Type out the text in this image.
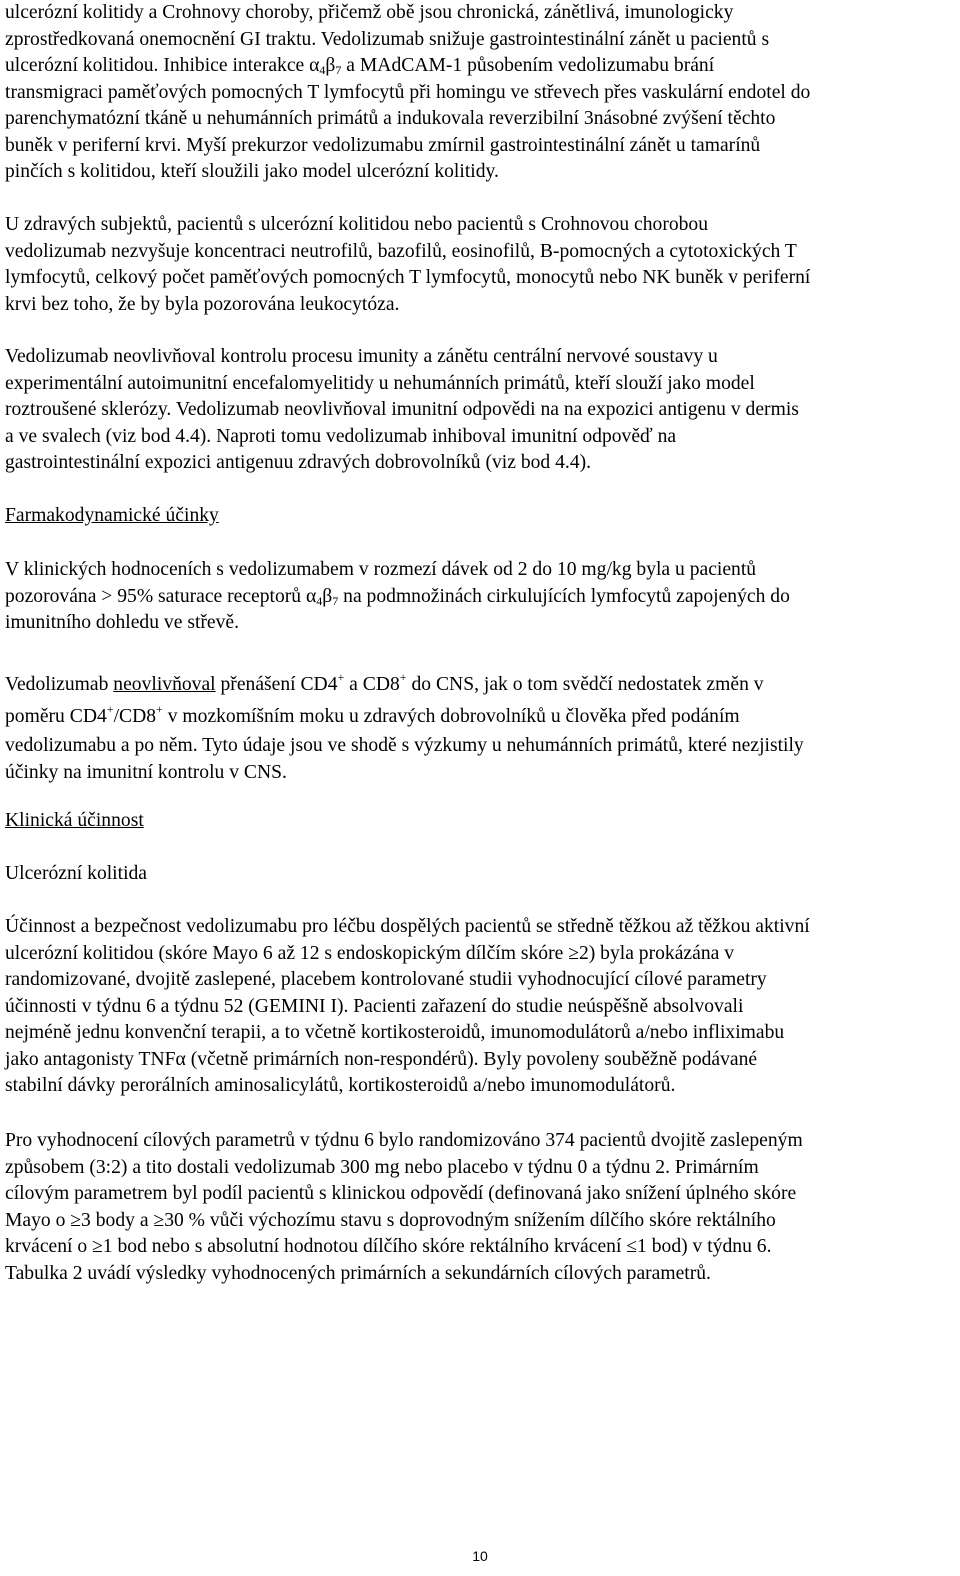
ulcerózní kolitidy a Crohnovy choroby, přičemž obě jsou chronická, zánětlivá, imunologicky
zprostředkovaná onemocnění GI traktu. Vedolizumab snižuje gastrointestinální zánět u pacientů s
ulcerózní kolitidou. Inhibice interakce $\alpha_4\beta_7$ a MAdCAM-1 působením vedolizumabu brání
transmigraci paměťových pomocných T lymfocytů při homingu ve střevech přes vaskulární endotel do
parenchymatózní tkáně u nehumánních primátů a indukovala reverzibilní 3násobné zvýšení těchto
buněk v periferní krvi. Myší prekurzor vedolizumabu zmírnil gastrointestinální zánět u tamarínů
pinčích s kolitidou, kteří sloužili jako model ulcerózní kolitidy.

U zdravých subjektů, pacientů s ulcerózní kolitidou nebo pacientů s Crohnovou chorobou
vedolizumab nezvyšuje koncentraci neutrofilů, bazofilů, eosinofilů, B-pomocných a cytotoxických T
lymfocytů, celkový počet paměťových pomocných T lymfocytů, monocytů nebo NK buněk v periferní
krvi bez toho, že by byla pozorována leukocytóza.

Vedolizumab neovlivňoval kontrolu procesu imunity a zánětu centrální nervové soustavy u
experimentální autoimunitní encefalomyelitidy u nehumánních primátů, kteří slouží jako model
roztroušené sklerózy. Vedolizumab neovlivňoval imunitní odpovědi na na expozici antigenu v dermis
a ve svalech (viz bod 4.4). Naproti tomu vedolizumab inhiboval imunitní odpověď na
gastrointestinální expozici antigenuu zdravých dobrovolníků (viz bod 4.4).

Farmakodynamické účinky

V klinických hodnoceních s vedolizumabem v rozmezí dávek od 2 do 10 mg/kg byla u pacientů
pozorována > 95% saturace receptorů $\alpha_4\beta_7$ na podmnožinách cirkulujících lymfocytů zapojených do
imunitního dohledu ve střevě.

Vedolizumab neovlivňoval přenášení CD4+ a CD8+ do CNS, jak o tom svědčí nedostatek změn v
poměru CD4+/CD8+ v mozkomíšním moku u zdravých dobrovolníků u člověka před podáním
vedolizumabu a po něm. Tyto údaje jsou ve shodě s výzkumy u nehumánních primátů, které nezjistily
účinky na imunitní kontrolu v CNS.

Klinická účinnost

Ulcerózní kolitida

Účinnost a bezpečnost vedolizumabu pro léčbu dospělých pacientů se středně těžkou až těžkou aktivní
ulcerózní kolitidou (skóre Mayo 6 až 12 s endoskopickým dílčím skóre ≥2) byla prokázána v
randomizované, dvojitě zaslepené, placebem kontrolované studii vyhodnocující cílové parametry
účinnosti v týdnu 6 a týdnu 52 (GEMINI I). Pacienti zařazení do studie neúspěšně absolvovali
nejméně jednu konvenční terapii, a to včetně kortikosteroidů, imunomodulátorů a/nebo infliximabu
jako antagonisty TNFα (včetně primárních non-respondérů). Byly povoleny souběžně podávané
stabilní dávky perorálních aminosalicylátů, kortikosteroidů a/nebo imunomodulátorů.

Pro vyhodnocení cílových parametrů v týdnu 6 bylo randomizováno 374 pacientů dvojitě zaslepeným
způsobem (3:2) a tito dostali vedolizumab 300 mg nebo placebo v týdnu 0 a týdnu 2. Primárním
cílovým parametrem byl podíl pacientů s klinickou odpovědí (definovaná jako snížení úplného skóre
Mayo o ≥3 body a ≥30 % vůči výchozímu stavu s doprovodným snížením dílčího skóre rektálního
krvácení o ≥1 bod nebo s absolutní hodnotou dílčího skóre rektálního krvácení ≤1 bod) v týdnu 6.
Tabulka 2 uvádí výsledky vyhodnocených primárních a sekundárních cílových parametrů.

10
